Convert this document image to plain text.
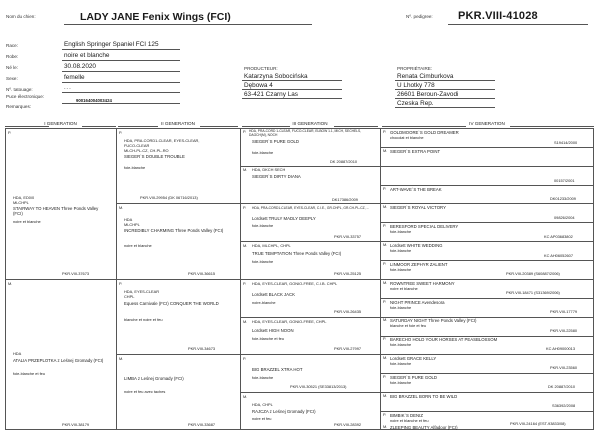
Nom du chien:	LADY JANE Fenix Wings (FCI)	Nº. pedigree: PKR.VIII-41028
Race:	English Springer Spaniel FCI 125
Robe:	noire et blanche
Né le:	30.08.2020
Sexe:	femelle
Nº. tatouage:	- - -
Puce électronique:
900164004003424
Remarques:
PRODUCTEUR:
Katarzyna Sobocińska
Dębowa 4
63-421 Czarny Las
PROPRIÉTAIRE:
Renata Cimburkova
U Lhotky 778
26601 Beroun-Zavodi
Czeska Rep.
I GENERATION	II GENERATION	III GENERATION	IV GENERATION
P.
HDA, ED0/0
MLCHPL
STAIRWAY TO HEAVEN Three Ponds Valley (FCI)
noire et blanche
PKR.VIII-37673
M.
HDA
ATALIA PRZEPLOTKA z Leśnej Gromady (FCI)
foie-blanche et feu
PKR.VIII-38179
P.
HDA, PRA-CORD1-CLEAR, EYES-CLEAR,
FUCO-CLEAR
MLCH-PL-CZ, CH-PL-RO
SIEGER`S DOUBLE TROUBLE
foie-blanche
PKR.VIII-29954 (DK 06716/2013)
M.
HDA
MLCHPL
INCREDIBLY CHARMING Three Ponds Valley (FCI)
noire et blanche
PKR.VIII-36615
P.
HDA, EYES-CLEAR
CHPL
Equess Carnivale (FCI) CONQUER THE WORLD
blanche et noire et feu
PKR.VIII-34673
M.
LIMBA z Leśnej Gromady (FCI)
noire et feu avec taches
PKR.VIII-33687
P. HDA, PRA-CORD 1-CLEAR, FUCO-CLEAR, ELBOW 1.1, MICH, SECHELS, DAGCH(M), NOCH
SIEGER`S PURE GOLD
foie-blanche
DK 20887/2010
M. HDA, DKCH SECH
SIEGER`S DIRTY DIANA
DK17386/2009
P. HDA, PRA-CORD1-CLEAR, EYES-CLEAR, C.I.E., GR.CHPL, GR.CH-PL-CZ, ...
Lordsett TRULY MADLY DEEPLY
foie-blanche
PKR.VIII-33757
M. HDA, MLCHPL, CHPL
TRUE TEMPTATION Three Ponds Valley (FCI)
foie-blanche
PKR.VIII-25125
P. HDA, EYES-CLEAR, GONIO-FREE, C.I.B. CHPL
Lordsett BLACK JACK
noire-blanche
PKR.VIII-26435
M. HDA, EYES-CLEAR, GONIO-FREE, CHPL
Lordsett HIGH NOON
foie-blanche et feu
PKR.VIII-27997
P.
BIG BRAZZEL XTRA HOT
foie-blanche
PKR.VIII-30521 (SE33813/2013)
M.
HDA, CHPL
RAJCZA z Leśnej Gromady (FCI)
noire et feu
PKR.VIII-28392
P. GOLDMOORE`S GOLD DREAMER
chocolat et blanche
S19414/2000
M. SIEGER`S EXTRA POINT
00157/2001
P. ART-WAVE`S THE BREAK
DK01233/2009
M. SIEGER`S ROYAL VICTORY
09826/2004
P. BERESFORD SPECIAL DELIVERY
foie-blanche
KC AP03683802
M. Lordsett WHITE WEDDING
foie-blanche
KC AH06052607
P. LINMOOR ZEPHYR ZALIENT
foie-blanche
PKR.VIII-20389 (S60887/2006)
M. ROWNTREE SWEET HARMONY
noire et blanche
PKR.VIII-18471 (S31369/2006)
P. NIGHT PRINCE Avendesora
foie-blanche
PKR.VIII-17779
M. SATURDAY NIGHT Three Ponds Valley (FCI)
blanche et foie et feu
PKR.VIII-22580
P. BARECHO HOLD YOUR HORSES AT PEASBLOSSOM
foie-blanche
KC AH09000013
M. Lordsett GRACE KELLY
foie-blanche
PKR.VIII-23560
P. SIEGER`S PURE GOLD
foie-blanche
DK 20887/2010
M. BIG BRAZZEL BORN TO BE WILD
S36392/2008
P. BIMBIK`S DENIZ
noire et blanche et feu
PKR.VIII-24164 (EST-93833/08)
M. ZLEEPING BEAUTY Alfadoor (FCI)
